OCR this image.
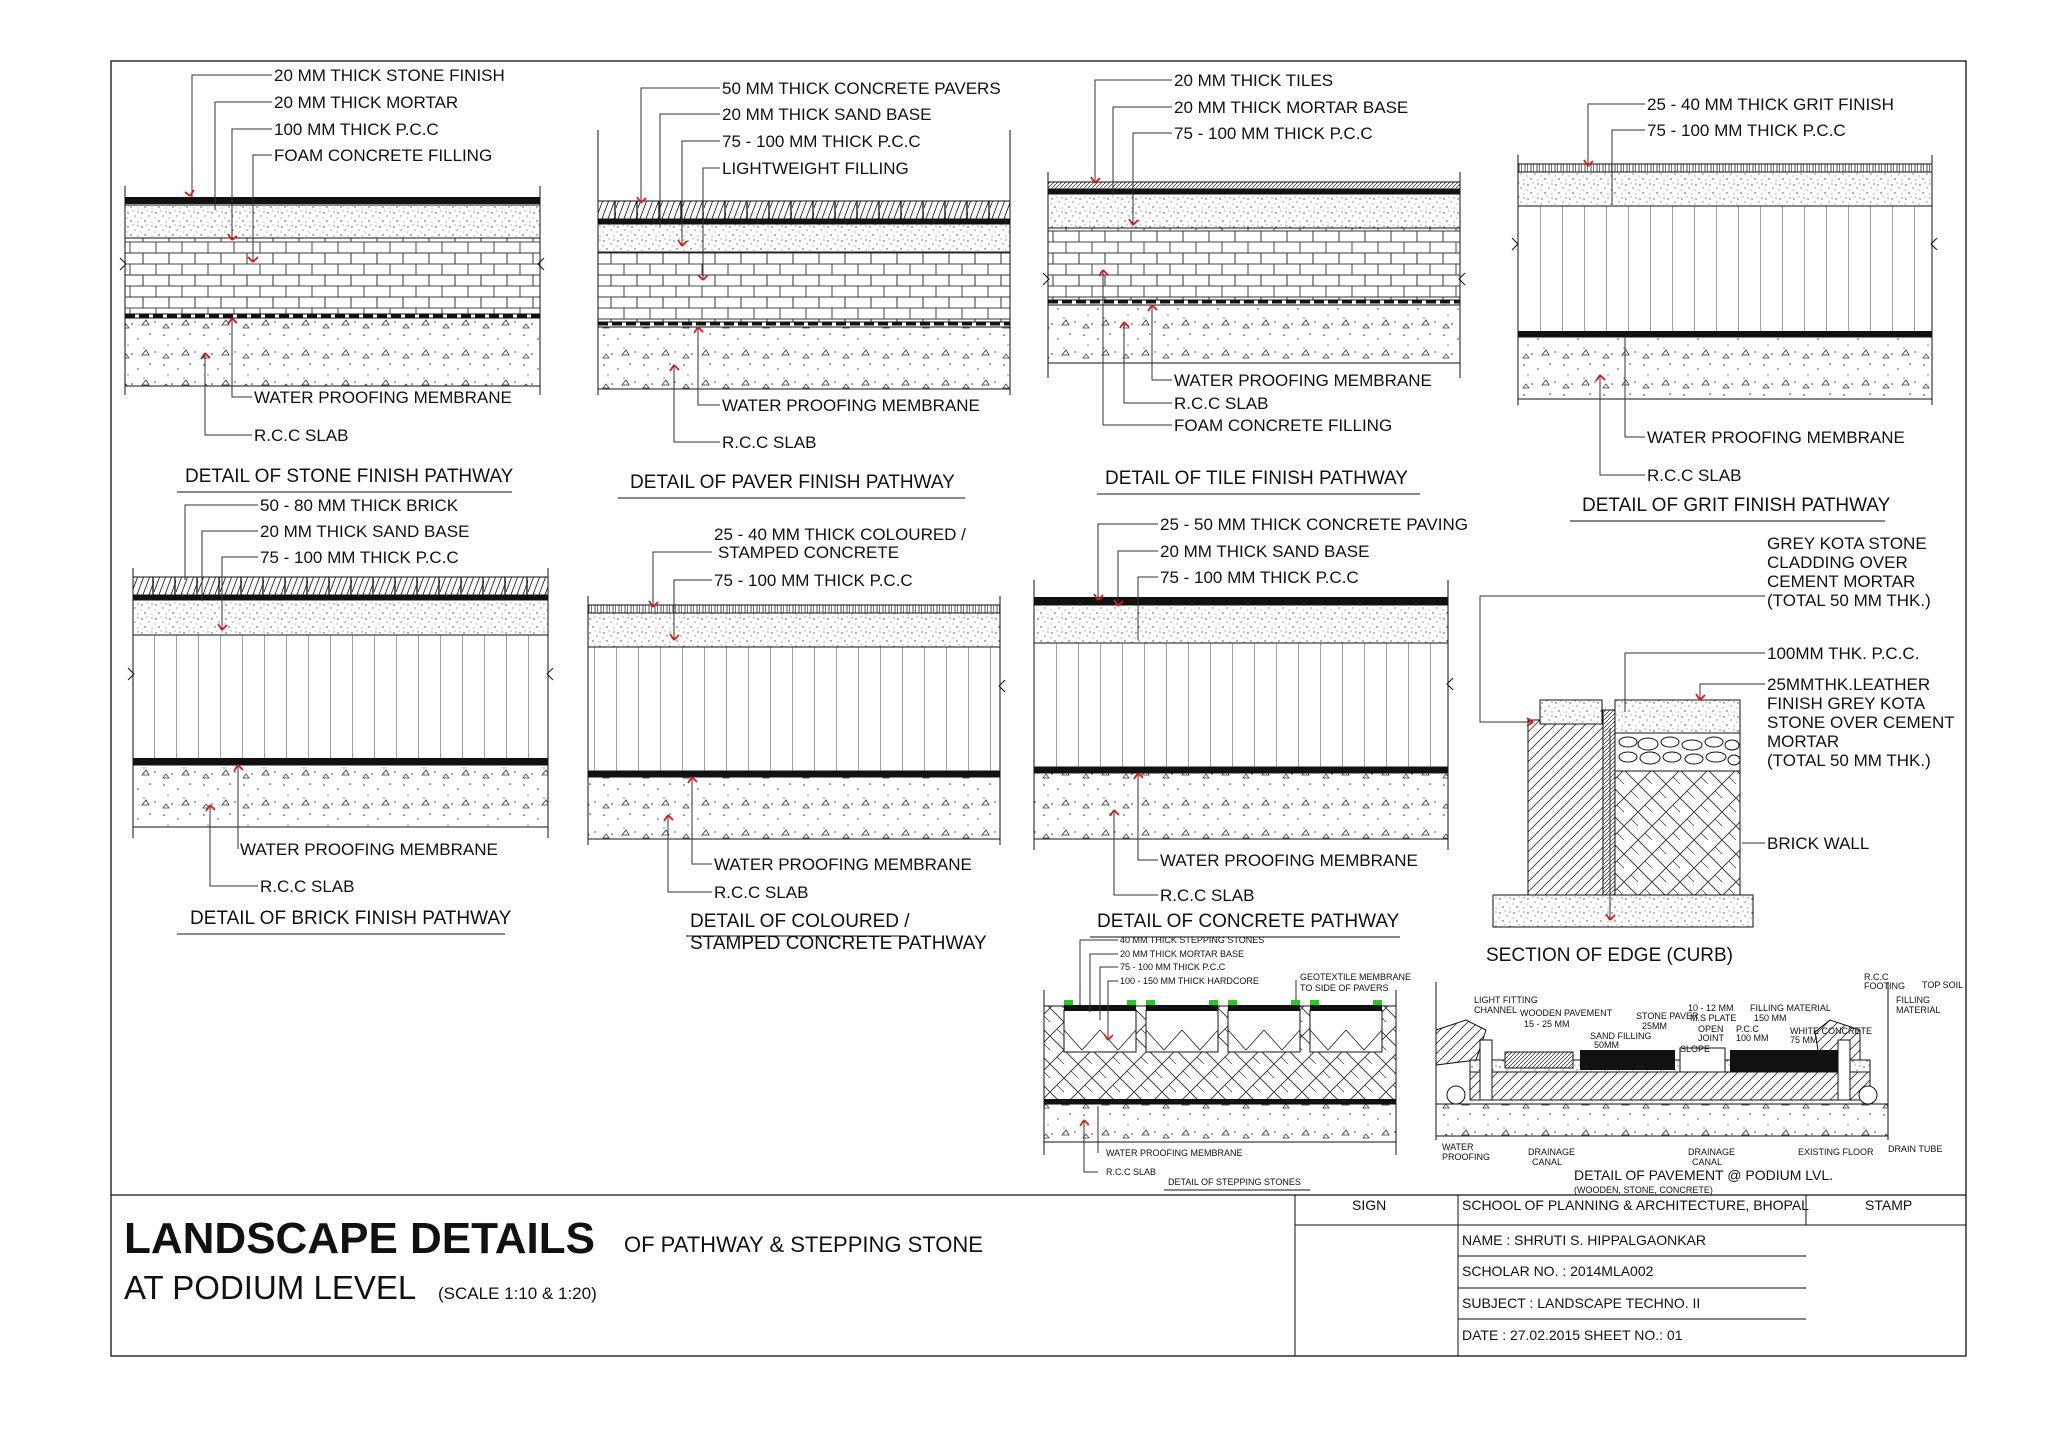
20 MM THICK STONE FINISH
20 MM THICK MORTAR
100 MM THICK P.C.C
FOAM CONCRETE FILLING
WATER PROOFING MEMBRANE
R.C.C SLAB
DETAIL OF STONE FINISH PATHWAY
50 MM THICK CONCRETE PAVERS
20 MM THICK SAND BASE
75 - 100 MM THICK P.C.C
LIGHTWEIGHT FILLING
WATER PROOFING MEMBRANE
R.C.C SLAB
DETAIL OF PAVER FINISH PATHWAY
20 MM THICK TILES
20 MM THICK MORTAR BASE
75 - 100 MM THICK P.C.C
WATER PROOFING MEMBRANE
R.C.C SLAB
FOAM CONCRETE FILLING
DETAIL OF TILE FINISH PATHWAY
25 - 40 MM THICK GRIT FINISH
75 - 100 MM THICK P.C.C
WATER PROOFING MEMBRANE
R.C.C SLAB
DETAIL OF GRIT FINISH PATHWAY
50 - 80 MM THICK BRICK
20 MM THICK SAND BASE
75 - 100 MM THICK P.C.C
WATER PROOFING MEMBRANE
R.C.C SLAB
DETAIL OF BRICK FINISH PATHWAY
25 - 40 MM THICK COLOURED /
STAMPED CONCRETE
75 - 100 MM THICK P.C.C
WATER PROOFING MEMBRANE
R.C.C SLAB
DETAIL OF COLOURED /
STAMPED CONCRETE PATHWAY
25 - 50 MM THICK CONCRETE PAVING
20 MM THICK SAND BASE
75 - 100 MM THICK P.C.C
WATER PROOFING MEMBRANE
R.C.C SLAB
DETAIL OF CONCRETE PATHWAY
GREY KOTA STONE
CLADDING OVER
CEMENT MORTAR
(TOTAL 50 MM THK.)
100MM THK. P.C.C.
25MMTHK.LEATHER
FINISH GREY KOTA
STONE OVER CEMENT
MORTAR
(TOTAL 50 MM THK.)
BRICK WALL
SECTION OF EDGE (CURB)
40 MM THICK STEPPING STONES
20 MM THICK MORTAR BASE
75 - 100 MM THICK P.C.C
100 - 150 MM THICK HARDCORE	GEOTEXTILE MEMBRANE
TO SIDE OF PAVERS
WATER PROOFING MEMBRANE
R.C.C SLAB
DETAIL OF STEPPING STONES
LIGHT FITTING
CHANNEL WOODEN PAVEMENT
15 - 25 MM
SAND FILLING
50MM
STONE PAVER
25MM
10 - 12 MM
M.S PLATE
OPEN
JOINT
SLOPE
FILLING MATERIAL
150 MM
P.C.C
100 MM
WHITE CONCRETE
75 MM
R.C.C
FOOTING TOP SOIL
FILLING
MATERIAL
WATER
PROOFING	DRAINAGE
CANAL
DRAINAGE
CANAL
EXISTING FLOOR DRAIN TUBE
DETAIL OF PAVEMENT @ PODIUM LVL.
(WOODEN, STONE, CONCRETE)
LANDSCAPE DETAILS OF PATHWAY & STEPPING STONE
AT PODIUM LEVEL (SCALE 1:10 & 1:20)
SIGN	SCHOOL OF PLANNING & ARCHITECTURE, BHOPAL	STAMP
NAME : SHRUTI S. HIPPALGAONKAR
SCHOLAR NO. : 2014MLA002
SUBJECT : LANDSCAPE TECHNO. II
DATE : 27.02.2015 SHEET NO.: 01
